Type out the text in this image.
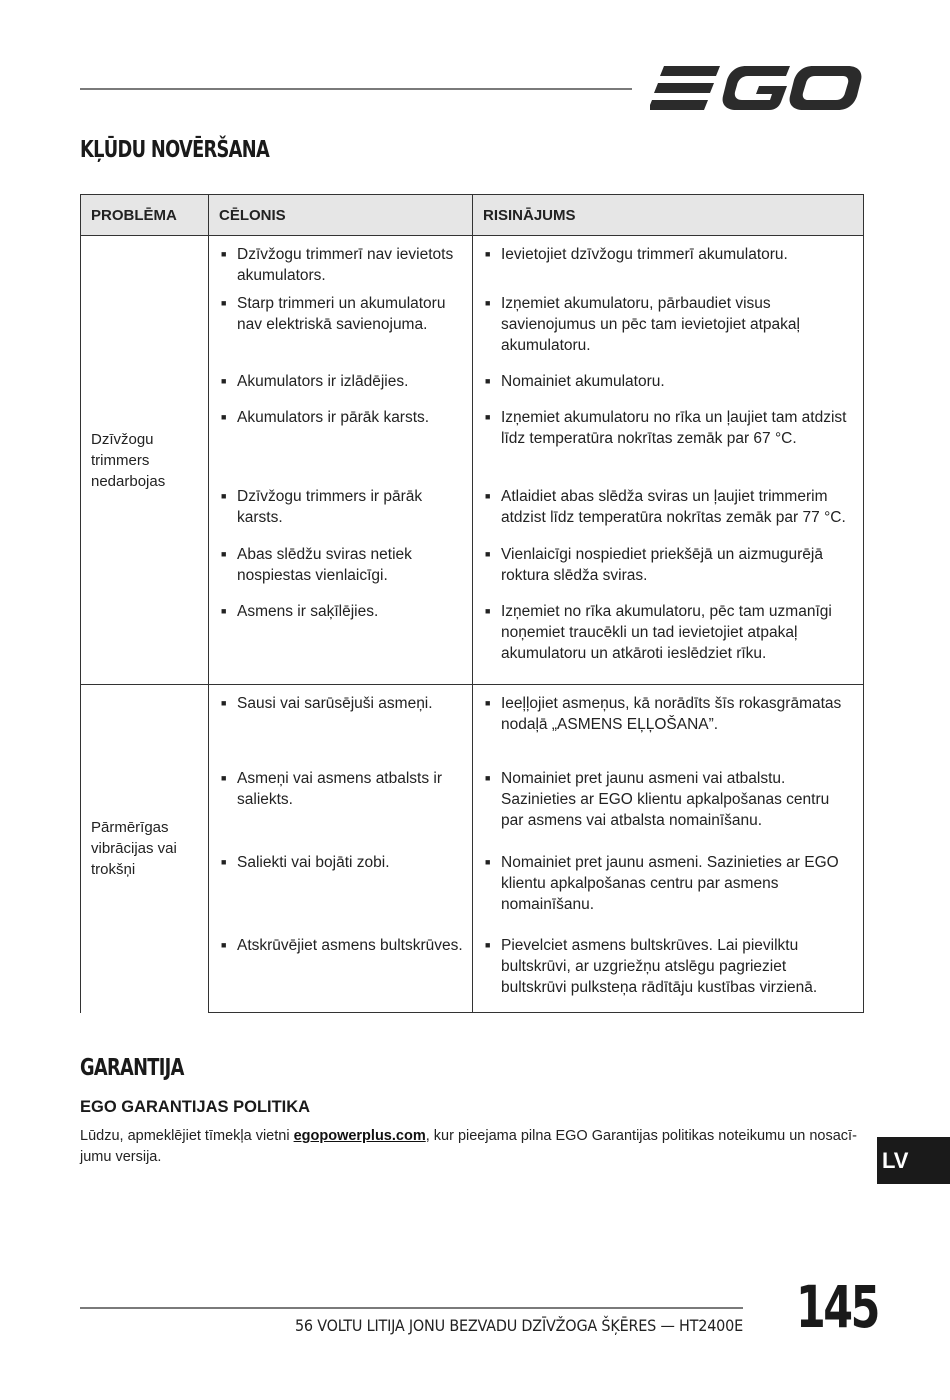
KĻŪDU NOVĒRŠANA
PROBLĒMA	CĒLONIS	RISINĀJUMS
Dzīvžogu trimmers nedarbojas	■ Dzīvžogu trimmerī nav ievietots akumulators.	■ Ievietojiet dzīvžogu trimmerī akumulatoru.

	■ Starp trimmeri un akumulatoru nav elektriskā savienojuma.	■ Izņemiet akumulatoru, pārbaudiet visus savienojumus un pēc tam ievietojiet atpakaļ akumulatoru.

	■ Akumulators ir izlādējies.	■ Nomainiet akumulatoru.

	■ Akumulators ir pārāk karsts.	■ Izņemiet akumulatoru no rīka un ļaujiet tam atdzist līdz temperatūra nokrītas zemāk par 67 °C.

	■ Dzīvžogu trimmers ir pārāk karsts.	■ Atlaidiet abas slēdža sviras un ļaujiet trimmerim atdzist līdz temperatūra nokrītas zemāk par 77 °C.

	■ Abas slēdžu sviras netiek nospiestas vienlaicīgi.	■ Vienlaicīgi nospiediet priekšējā un aizmugurējā roktura slēdža sviras.

	■ Asmens ir saķīlējies.	■ Izņemiet no rīka akumulatoru, pēc tam uzmanīgi noņemiet traucēkli un tad ievietojiet atpakaļ akumulatoru un atkāroti ieslēdziet rīku.

Pārmērīgas vibrācijas vai trokšņi	■ Sausi vai sarūsējuši asmeņi.	■ Ieeļļojiet asmeņus, kā norādīts šīs rokasgrāmatas nodaļā „ASMENS EĻĻOŠANA”.

	■ Asmeņi vai asmens atbalsts ir saliekts.	■ Nomainiet pret jaunu asmeni vai atbalstu. Sazinieties ar EGO klientu apkalpošanas centru par asmens vai atbalsta nomainīšanu.

	■ Saliekti vai bojāti zobi.	■ Nomainiet pret jaunu asmeni. Sazinieties ar EGO klientu apkalpošanas centru par asmens nomainīšanu.

	■ Atskrūvējiet asmens bultskrūves.	■ Pievelciet asmens bultskrūves. Lai pievilktu bultskrūvi, ar uzgriežņu atslēgu pagrieziet bultskrūvi pulksteņa rādītāju kustības virzienā.
GARANTIJA
EGO GARANTIJAS POLITIKA

Lūdzu, apmeklējiet tīmekļa vietni egopowerplus.com, kur pieejama pilna EGO Garantijas politikas noteikumu un nosacī-jumu versija.	LV
56 VOLTU LITIJA JONU BEZVADU DZĪVŽOGA ŠĶĒRES — HT2400E 145
